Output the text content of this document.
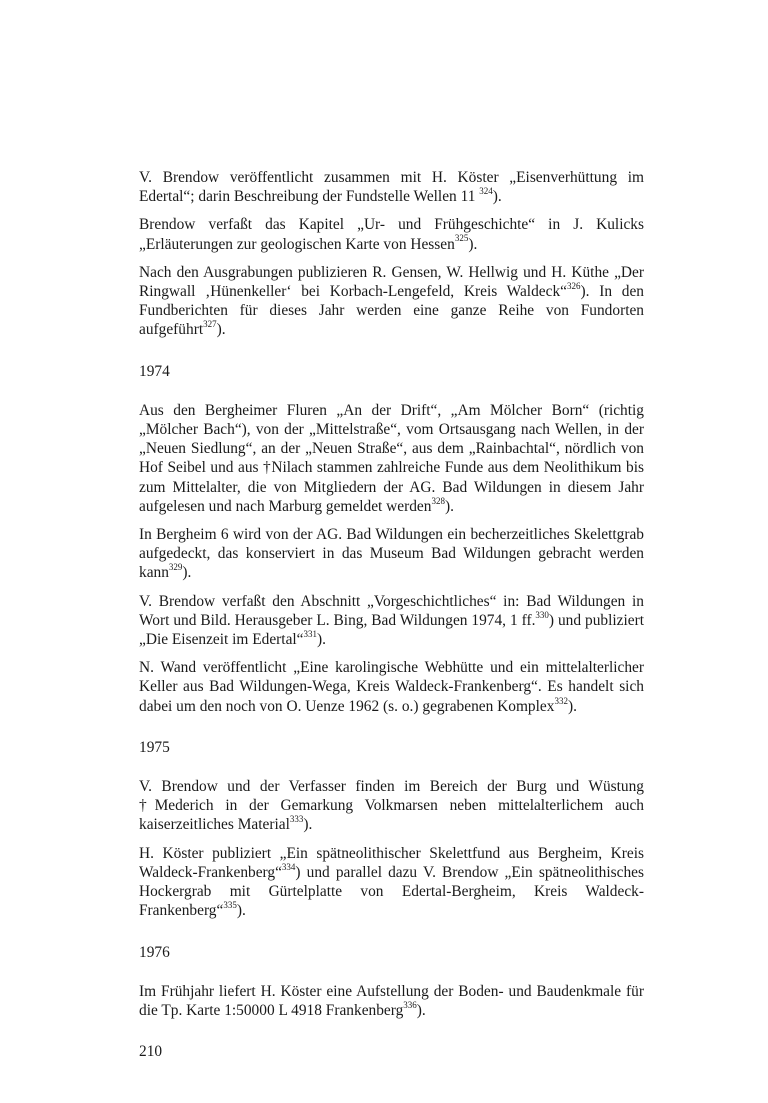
V. Brendow veröffentlicht zusammen mit H. Köster „Eisenverhüttung im Edertal“; darin Beschreibung der Fundstelle Wellen 11 $^{324}$).

Brendow verfaßt das Kapitel „Ur- und Frühgeschichte“ in J. Kulicks „Erläuterungen zur geologischen Karte von Hessen$^{325}$).

Nach den Ausgrabungen publizieren R. Gensen, W. Hellwig und H. Küthe „Der Ringwall ‚Hünenkeller‘ bei Korbach-Lengefeld, Kreis Waldeck“$^{326}$). In den Fundberichten für dieses Jahr werden eine ganze Reihe von Fundorten aufgeführt$^{327}$).

1974

Aus den Bergheimer Fluren „An der Drift“, „Am Mölcher Born“ (richtig „Mölcher Bach“), von der „Mittelstraße“, vom Ortsausgang nach Wellen, in der „Neuen Siedlung“, an der „Neuen Straße“, aus dem „Rainbachtal“, nördlich von Hof Seibel und aus †Nilach stammen zahlreiche Funde aus dem Neolithikum bis zum Mittelalter, die von Mitgliedern der AG. Bad Wildungen in diesem Jahr aufgelesen und nach Marburg gemeldet werden$^{328}$).

In Bergheim 6 wird von der AG. Bad Wildungen ein becherzeitliches Skelettgrab aufgedeckt, das konserviert in das Museum Bad Wildungen gebracht werden kann$^{329}$).

V. Brendow verfaßt den Abschnitt „Vorgeschichtliches“ in: Bad Wildungen in Wort und Bild. Herausgeber L. Bing, Bad Wildungen 1974, 1 ff.$^{330}$) und publiziert „Die Eisenzeit im Edertal“$^{331}$).

N. Wand veröffentlicht „Eine karolingische Webhütte und ein mittelalterlicher Keller aus Bad Wildungen-Wega, Kreis Waldeck-Frankenberg“. Es handelt sich dabei um den noch von O. Uenze 1962 (s. o.) gegrabenen Komplex$^{332}$).

1975

V. Brendow und der Verfasser finden im Bereich der Burg und Wüstung †Mederich in der Gemarkung Volkmarsen neben mittelalterlichem auch kaiserzeitliches Material$^{333}$).

H. Köster publiziert „Ein spätneolithischer Skelettfund aus Bergheim, Kreis Waldeck-Frankenberg“$^{334}$) und parallel dazu V. Brendow „Ein spätneolithisches Hockergrab mit Gürtelplatte von Edertal-Bergheim, Kreis Waldeck-Frankenberg“$^{335}$).

1976

Im Frühjahr liefert H. Köster eine Aufstellung der Boden- und Baudenkmale für die Tp. Karte 1:50000 L 4918 Frankenberg$^{336}$).

210
